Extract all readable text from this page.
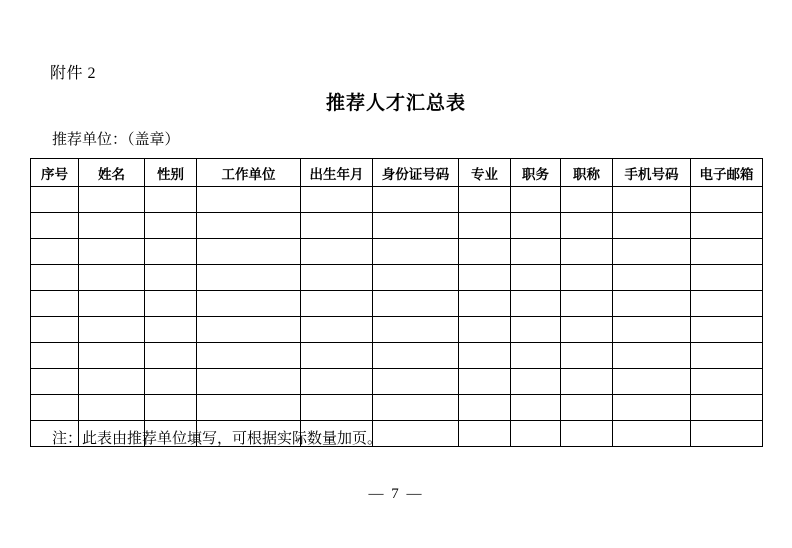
附件 2
推荐人才汇总表
推荐单位：（盖章）
序号	姓名	性别	工作单位	出生年月	身份证号码	专业	职务	职称	手机号码	电子邮箱

注：此表由推荐单位填写，可根据实际数量加页。
— 7 —
